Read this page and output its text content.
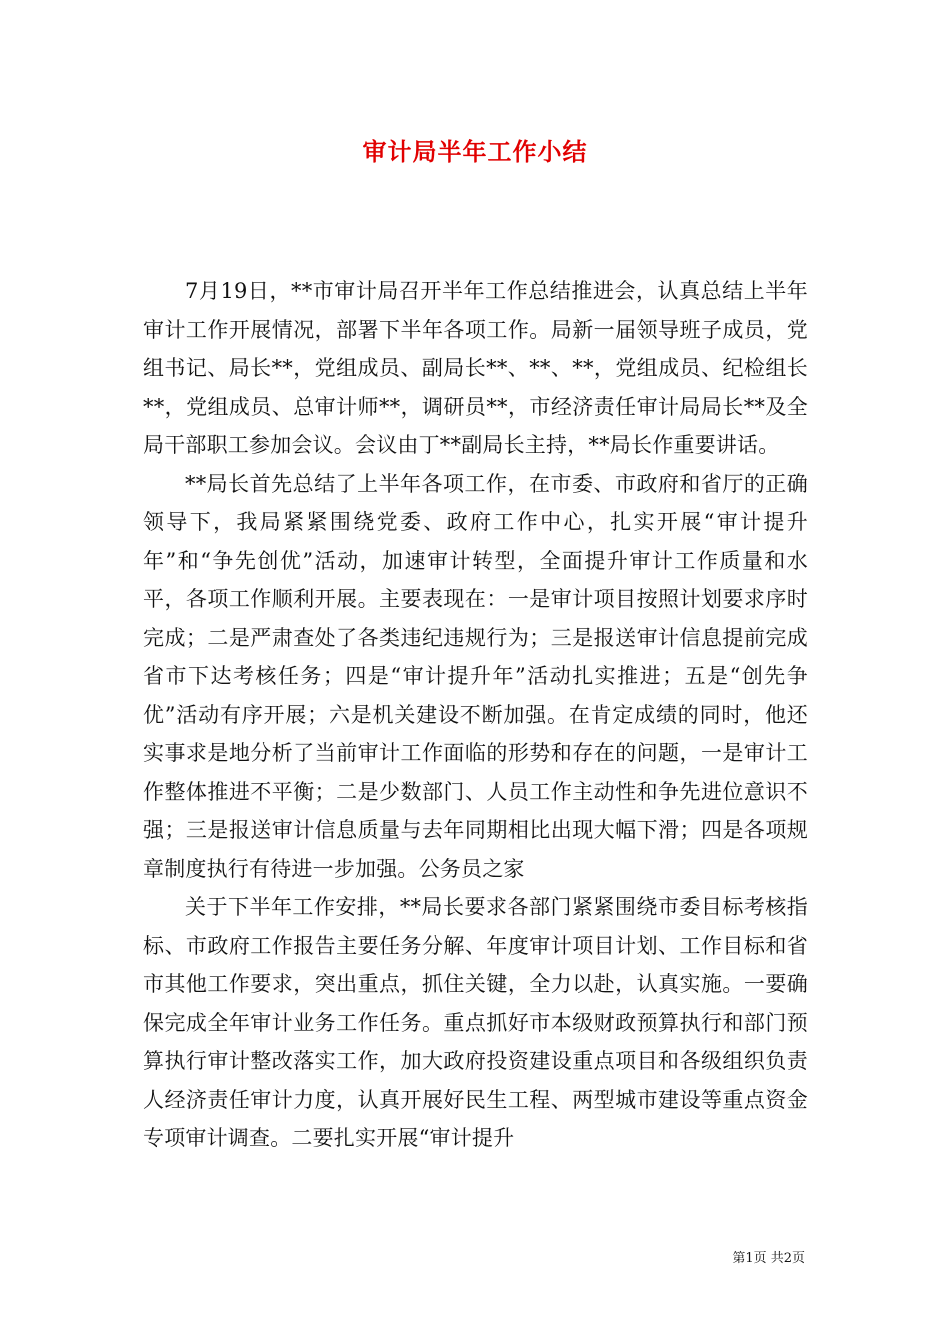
审计局半年工作小结

7月19日，**市审计局召开半年工作总结推进会，认真总结上半年审计工作开展情况，部署下半年各项工作。局新一届领导班子成员，党组书记、局长**，党组成员、副局长**、**、**，党组成员、纪检组长**，党组成员、总审计师**，调研员**，市经济责任审计局局长**及全局干部职工参加会议。会议由丁**副局长主持，**局长作重要讲话。

**局长首先总结了上半年各项工作，在市委、市政府和省厅的正确领导下，我局紧紧围绕党委、政府工作中心，扎实开展“审计提升年”和“争先创优”活动，加速审计转型，全面提升审计工作质量和水平，各项工作顺利开展。主要表现在：一是审计项目按照计划要求序时完成；二是严肃查处了各类违纪违规行为；三是报送审计信息提前完成省市下达考核任务；四是“审计提升年”活动扎实推进；五是“创先争优”活动有序开展；六是机关建设不断加强。在肯定成绩的同时，他还实事求是地分析了当前审计工作面临的形势和存在的问题，一是审计工作整体推进不平衡；二是少数部门、人员工作主动性和争先进位意识不强；三是报送审计信息质量与去年同期相比出现大幅下滑；四是各项规章制度执行有待进一步加强。公务员之家

关于下半年工作安排，**局长要求各部门紧紧围绕市委目标考核指标、市政府工作报告主要任务分解、年度审计项目计划、工作目标和省市其他工作要求，突出重点，抓住关键，全力以赴，认真实施。一要确保完成全年审计业务工作任务。重点抓好市本级财政预算执行和部门预算执行审计整改落实工作，加大政府投资建设重点项目和各级组织负责人经济责任审计力度，认真开展好民生工程、两型城市建设等重点资金专项审计调查。二要扎实开展“审计提升

第1页 共2页
